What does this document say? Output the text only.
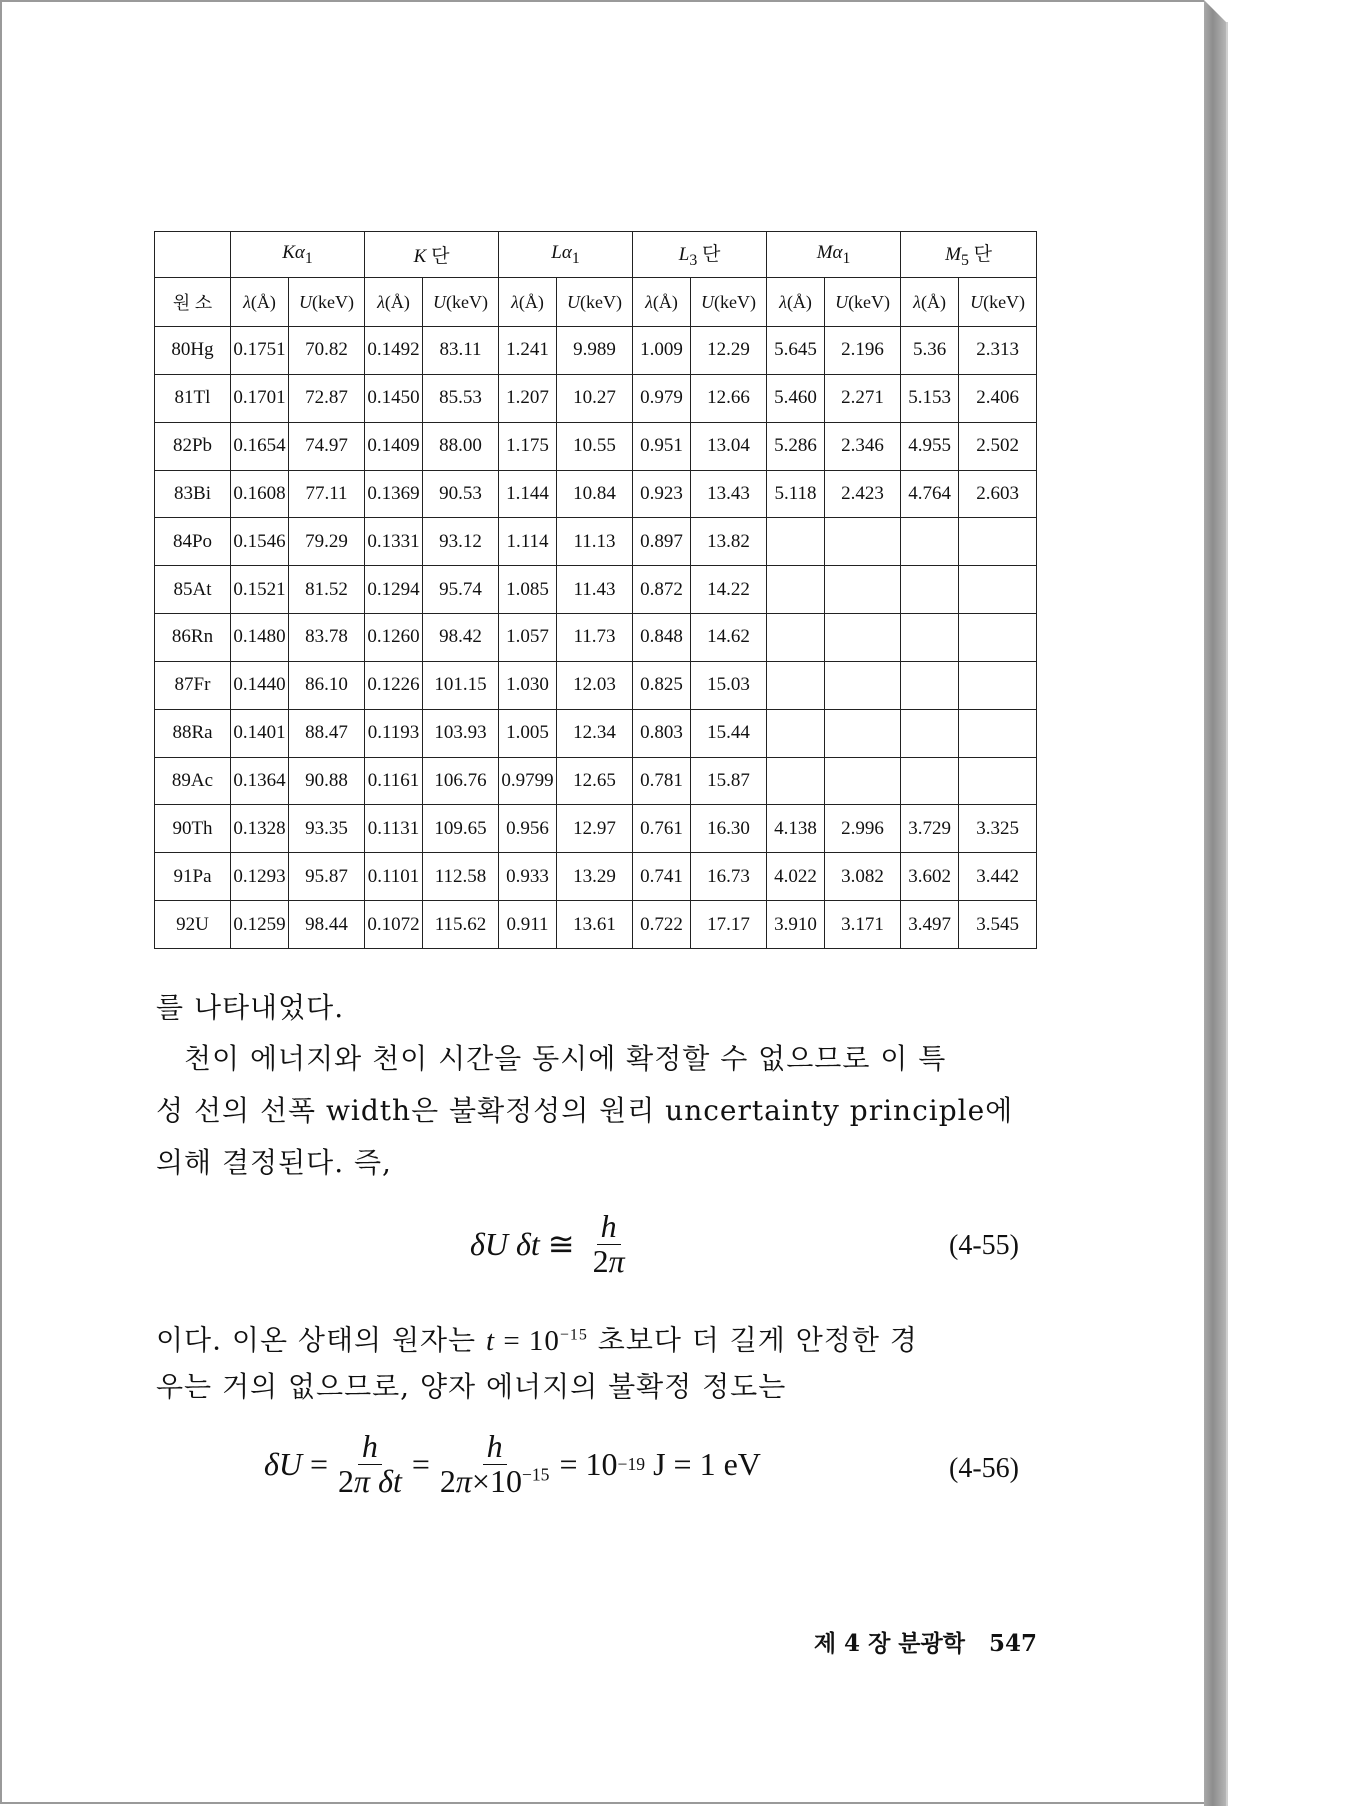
	$K\alpha_1$		K 단		$L\alpha_1$		$L_3$ 단		$M\alpha_1$		$M_5$ 단	
원 소	λ(Å)	U(keV)	λ(Å)	U(keV)	λ(Å)	U(keV)	λ(Å)	U(keV)	λ(Å)	U(keV)	λ(Å)	U(keV)
80Hg	0.1751	70.82	0.1492	83.11	1.241	9.989	1.009	12.29	5.645	2.196	5.36	2.313
81Tl	0.1701	72.87	0.1450	85.53	1.207	10.27	0.979	12.66	5.460	2.271	5.153	2.406
82Pb	0.1654	74.97	0.1409	88.00	1.175	10.55	0.951	13.04	5.286	2.346	4.955	2.502
83Bi	0.1608	77.11	0.1369	90.53	1.144	10.84	0.923	13.43	5.118	2.423	4.764	2.603
84Po	0.1546	79.29	0.1331	93.12	1.114	11.13	0.897	13.82				
85At	0.1521	81.52	0.1294	95.74	1.085	11.43	0.872	14.22				
86Rn	0.1480	83.78	0.1260	98.42	1.057	11.73	0.848	14.62				
87Fr	0.1440	86.10	0.1226	101.15	1.030	12.03	0.825	15.03				
88Ra	0.1401	88.47	0.1193	103.93	1.005	12.34	0.803	15.44				
89Ac	0.1364	90.88	0.1161	106.76	0.9799	12.65	0.781	15.87				
90Th	0.1328	93.35	0.1131	109.65	0.956	12.97	0.761	16.30	4.138	2.996	3.729	3.325
91Pa	0.1293	95.87	0.1101	112.58	0.933	13.29	0.741	16.73	4.022	3.082	3.602	3.442
92U	0.1259	98.44	0.1072	115.62	0.911	13.61	0.722	17.17	3.910	3.171	3.497	3.545

를 나타내었다.

천이 에너지와 천이 시간을 동시에 확정할 수 없으므로 이 특

성 선의 선폭 width은 불확정성의 원리 uncertainty principle에

의해 결정된다. 즉,

δU
δt ≅ $\frac{h}{2\pi}$	(4-55)

이다. 이온 상태의 원자는 $t = 10^{-15}$ 초보다 더 길게 안정한 경

우는 거의 없으므로, 양자 에너지의 불확정 정도는

$\delta U = \frac{h}{\text{2π δt}} = \frac{h}{2\pi\times 10^{-15}} = 10 -19$ J = 1 eV	(4-56)
제 4 장 분광학 547
